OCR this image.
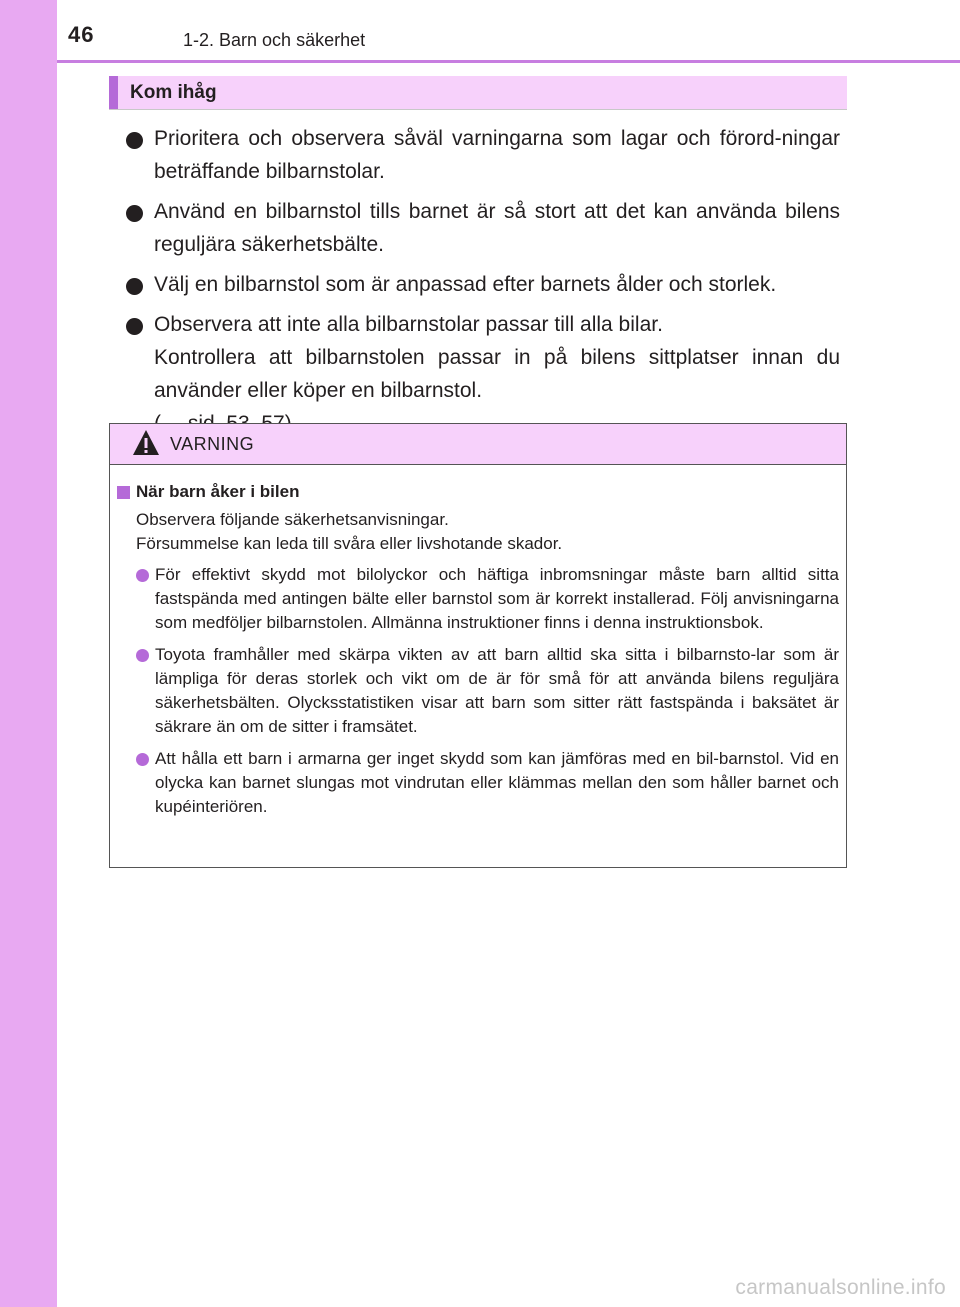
46	1-2. Barn och säkerhet
Kom ihåg

Prioritera och observera såväl varningarna som lagar och förord-ningar beträffande bilbarnstolar.

Använd en bilbarnstol tills barnet är så stort att det kan använda bilens reguljära säkerhetsbälte.

Välj en bilbarnstol som är anpassad efter barnets ålder och storlek.

Observera att inte alla bilbarnstolar passar till alla bilar.

Kontrollera att bilbarnstolen passar in på bilens sittplatser innan du använder eller köper en bilbarnstol.

VARNING
När barn åker i bilen
Observera följande säkerhetsanvisningar.
Försummelse kan leda till svåra eller livshotande skador.
För effektivt skydd mot bilolyckor och häftiga inbromsningar måste barn alltid sitta fastspända med antingen bälte eller barnstol som är korrekt installerad. Följ anvisningarna som medföljer bilbarnstolen. Allmänna instruktioner finns i denna instruktionsbok.
Toyota framhåller med skärpa vikten av att barn alltid ska sitta i bilbarnsto-lar som är lämpliga för deras storlek och vikt om de är för små för att använda bilens reguljära säkerhetsbälten. Olycksstatistiken visar att barn som sitter rätt fastspända i baksätet är säkrare än om de sitter i framsätet.
Att hålla ett barn i armarna ger inget skydd som kan jämföras med en bil-barnstol. Vid en olycka kan barnet slungas mot vindrutan eller klämmas mellan den som håller barnet och kupéinteriören.
carmanualsonline.info
